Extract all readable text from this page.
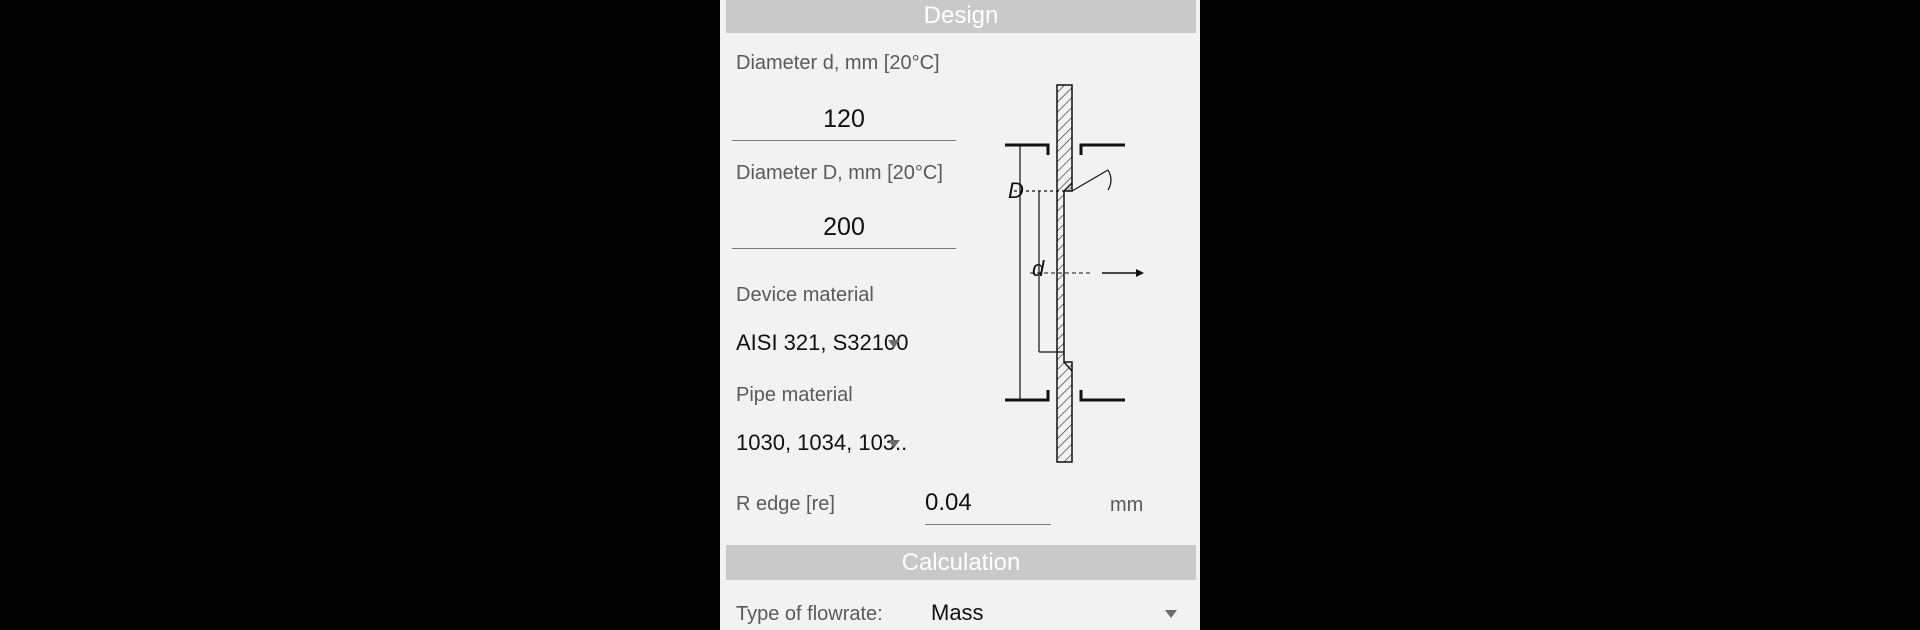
Design
Diameter d, mm [20°C]
120
Diameter D, mm [20°C]
200
Device material
AISI 321, S32100
Pipe material
1030, 1034, 103..
R edge [re]	0.04	mm
D
d
Calculation
Type of flowrate: Mass
